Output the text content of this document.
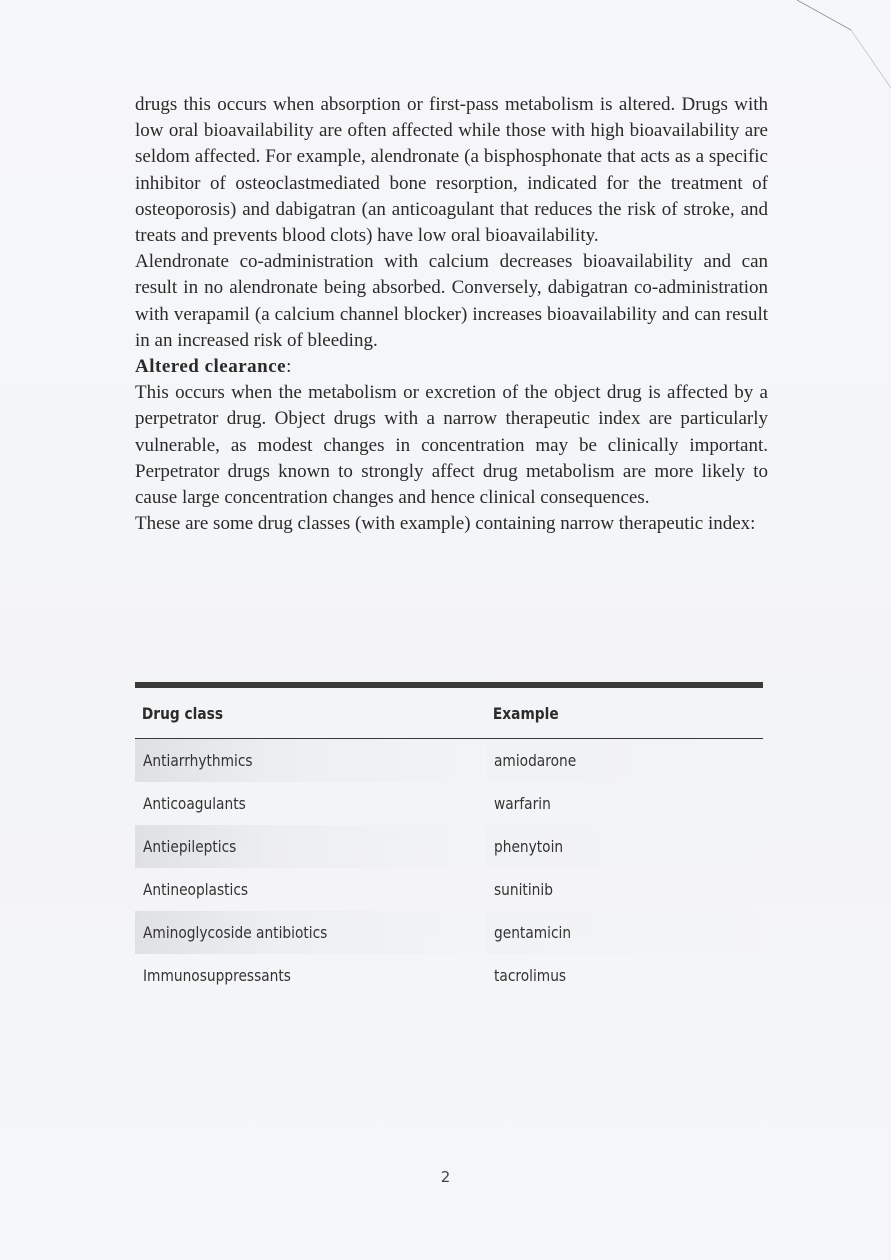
drugs this occurs when absorption or first-pass metabolism is altered. Drugs with low oral bioavailability are often affected while those with high bioavailability are seldom affected. For example, alendronate (a bisphosphonate that acts as a specific inhibitor of osteoclastmediated bone resorption, indicated for the treatment of osteoporosis) and dabigatran (an anticoagulant that reduces the risk of stroke, and treats and prevents blood clots) have low oral bioavailability.

Alendronate co-administration with calcium decreases bioavailability and can result in no alendronate being absorbed. Conversely, dabigatran co-administration with verapamil (a calcium channel blocker) increases bioavailability and can result in an increased risk of bleeding.

Altered clearance:

This occurs when the metabolism or excretion of the object drug is affected by a perpetrator drug. Object drugs with a narrow therapeutic index are particularly vulnerable, as modest changes in concentration may be clinically important. Perpetrator drugs known to strongly affect drug metabolism are more likely to cause large concentration changes and hence clinical consequences.

These are some drug classes (with example) containing narrow therapeutic index:

Drug class	Example
Antiarrhythmics	amiodarone
Anticoagulants	warfarin
Antiepileptics	phenytoin
Antineoplastics	sunitinib
Aminoglycoside antibiotics	gentamicin
Immunosuppressants	tacrolimus
2
